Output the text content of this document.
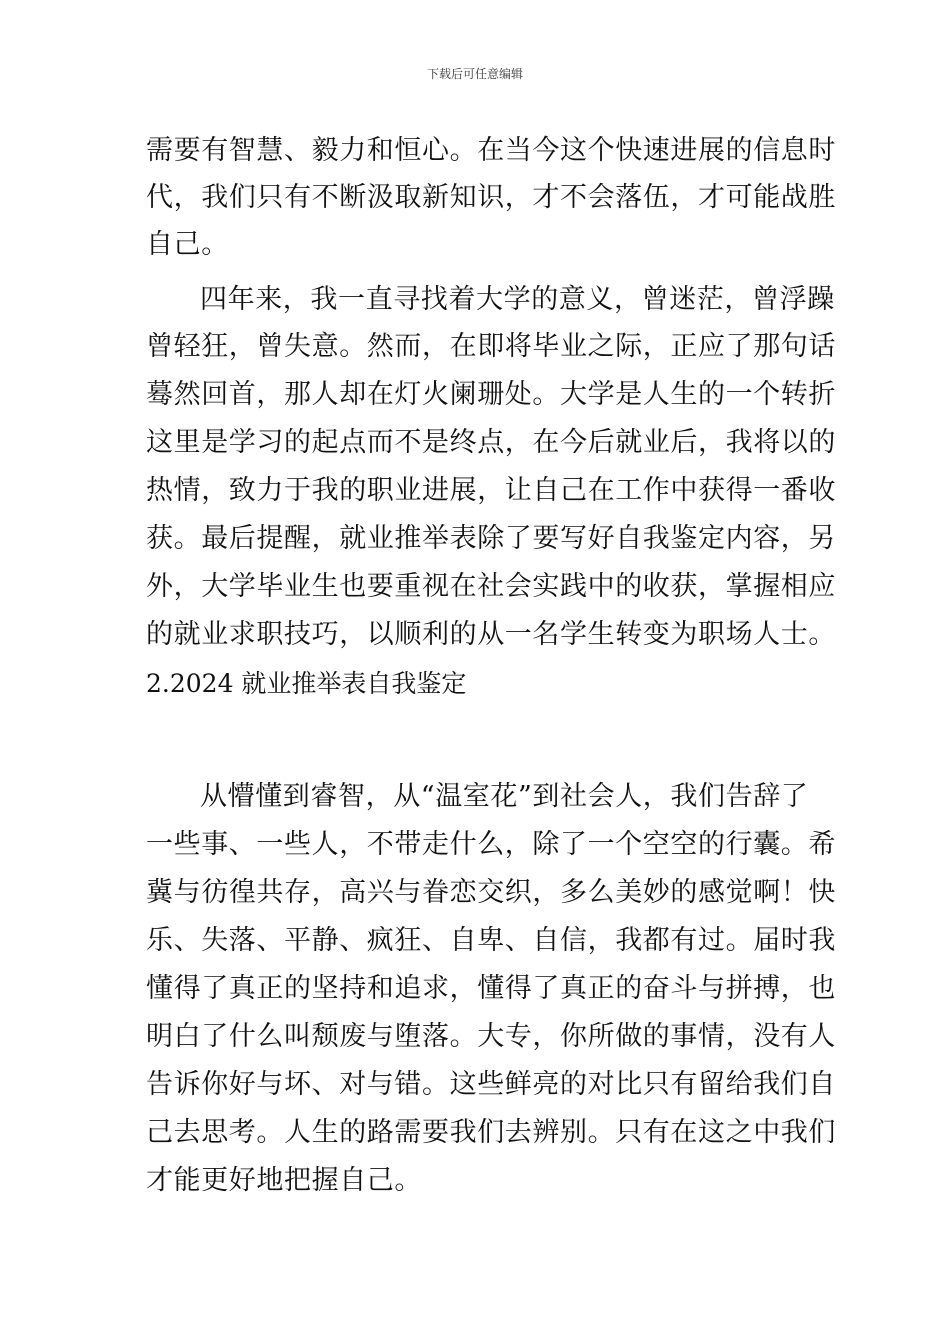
下载后可任意编辑
需要有智慧、毅力和恒心。在当今这个快速进展的信息时
代，我们只有不断汲取新知识，才不会落伍，才可能战胜
自己。
四年来，我一直寻找着大学的意义，曾迷茫，曾浮躁
曾轻狂，曾失意。然而，在即将毕业之际，正应了那句话
蓦然回首，那人却在灯火阑珊处。大学是人生的一个转折
这里是学习的起点而不是终点，在今后就业后，我将以的
热情，致力于我的职业进展，让自己在工作中获得一番收
获。最后提醒，就业推举表除了要写好自我鉴定内容，另
外，大学毕业生也要重视在社会实践中的收获，掌握相应
的就业求职技巧，以顺利的从一名学生转变为职场人士。
2.2024 就业推举表自我鉴定
从懵懂到睿智，从“温室花”到社会人，我们告辞了
一些事、一些人，不带走什么，除了一个空空的行囊。希
冀与彷徨共存，高兴与眷恋交织，多么美妙的感觉啊！快
乐、失落、平静、疯狂、自卑、自信，我都有过。届时我
懂得了真正的坚持和追求，懂得了真正的奋斗与拼搏，也
明白了什么叫颓废与堕落。大专，你所做的事情，没有人
告诉你好与坏、对与错。这些鲜亮的对比只有留给我们自
己去思考。人生的路需要我们去辨别。只有在这之中我们
才能更好地把握自己。
